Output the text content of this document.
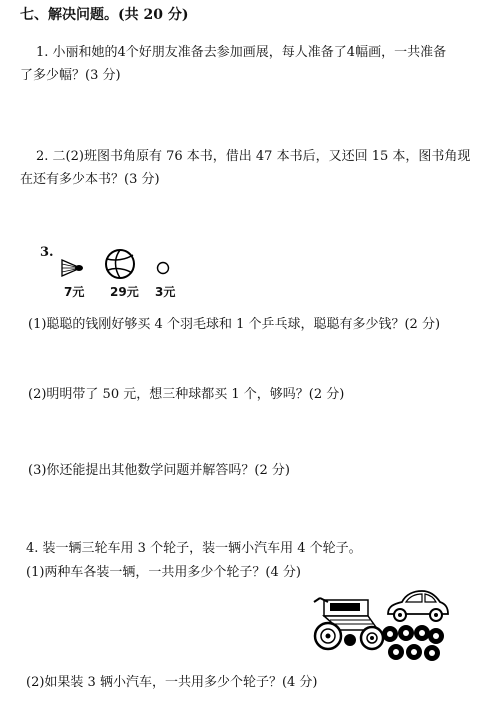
七、解决问题。(共 20 分)
1. 小丽和她的4个好朋友准备去参加画展，每人准备了4幅画，一共准备
了多少幅？(3 分)
2. 二(2)班图书角原有 76 本书，借出 47 本书后，又还回 15 本，图书角现
在还有多少本书？(3 分)
3.
7元 29元 3元
(1)聪聪的钱刚好够买 4 个羽毛球和 1 个乒乓球，聪聪有多少钱？(2 分)
(2)明明带了 50 元，想三种球都买 1 个，够吗？(2 分)
(3)你还能提出其他数学问题并解答吗？(2 分)
4. 装一辆三轮车用 3 个轮子，装一辆小汽车用 4 个轮子。
(1)两种车各装一辆，一共用多少个轮子？(4 分)
(2)如果装 3 辆小汽车，一共用多少个轮子？(4 分)
